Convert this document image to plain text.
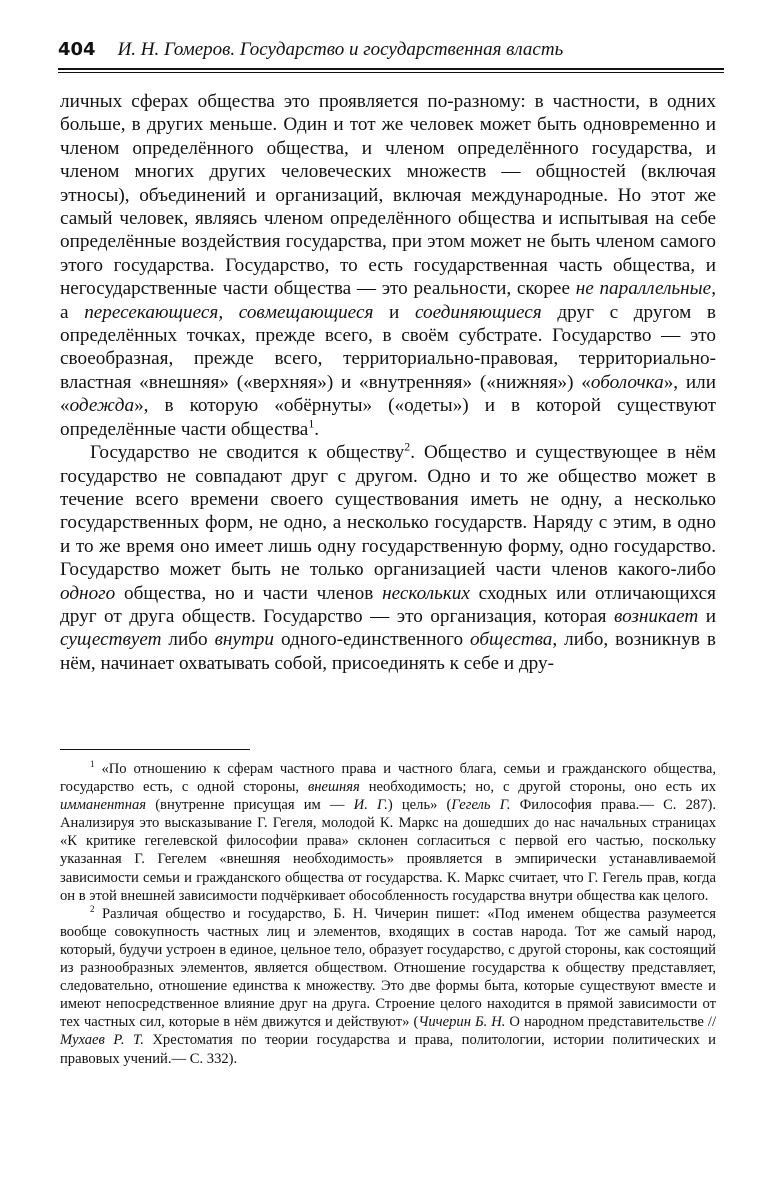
404 И. Н. Гомеров. Государство и государственная власть

личных сферах общества это проявляется по-разному: в частности, в одних больше, в других меньше. Один и тот же человек может быть одновременно и членом определённого общества, и членом определённого государства, и членом многих других человеческих множеств — общностей (включая этносы), объединений и организаций, включая международные. Но этот же самый человек, являясь членом определённого общества и испытывая на себе определённые воздействия государства, при этом может не быть членом самого этого государства. Государство, то есть государственная часть общества, и негосударственные части общества — это реальности, скорее не параллельные, а пересекающиеся, совмещающиеся и соединяющиеся друг с другом в определённых точках, прежде всего, в своём субстрате. Государство — это своеобразная, прежде всего, территориально-правовая, территориально-властная «внешняя» («верхняя») и «внутренняя» («нижняя») «оболочка», или «одежда», в которую «обёрнуты» («одеты») и в которой существуют определённые части общества$^1$.

Государство не сводится к обществу$^2$. Общество и существующее в нём государство не совпадают друг с другом. Одно и то же общество может в течение всего времени своего существования иметь не одну, а несколько государственных форм, не одно, а несколько государств. Наряду с этим, в одно и то же время оно имеет лишь одну государственную форму, одно государство. Государство может быть не только организацией части членов какого-либо одного общества, но и части членов нескольких сходных или отличающихся друг от друга обществ. Государство — это организация, которая возникает и существует либо внутри одного-единственного общества, либо, возникнув в нём, начинает охватывать собой, присоединять к себе и дру-

$^1$ «По отношению к сферам частного права и частного блага, семьи и гражданского общества, государство есть, с одной стороны, внешняя необходимость; но, с другой стороны, оно есть их имманентная (внутренне присущая им — И. Г.) цель» (Гегель Г. Философия права.— С. 287). Анализируя это высказывание Г. Гегеля, молодой К. Маркс на дошедших до нас начальных страницах «К критике гегелевской философии права» склонен согласиться с первой его частью, поскольку указанная Г. Гегелем «внешняя необходимость» проявляется в эмпирически устанавливаемой зависимости семьи и гражданского общества от государства. К. Маркс считает, что Г. Гегель прав, когда он в этой внешней зависимости подчёркивает обособленность государства внутри общества как целого.

$^2$ Различая общество и государство, Б. Н. Чичерин пишет: «Под именем общества разумеется вообще совокупность частных лиц и элементов, входящих в состав народа. Тот же самый народ, который, будучи устроен в единое, цельное тело, образует государство, с другой стороны, как состоящий из разнообразных элементов, является обществом. Отношение государства к обществу представляет, следовательно, отношение единства к множеству. Это две формы быта, которые существуют вместе и имеют непосредственное влияние друг на друга. Строение целого находится в прямой зависимости от тех частных сил, которые в нём движутся и действуют» (Чичерин Б. Н. О народном представительстве // Мухаев Р. Т. Хрестоматия по теории государства и права, политологии, истории политических и правовых учений.— С. 332).
